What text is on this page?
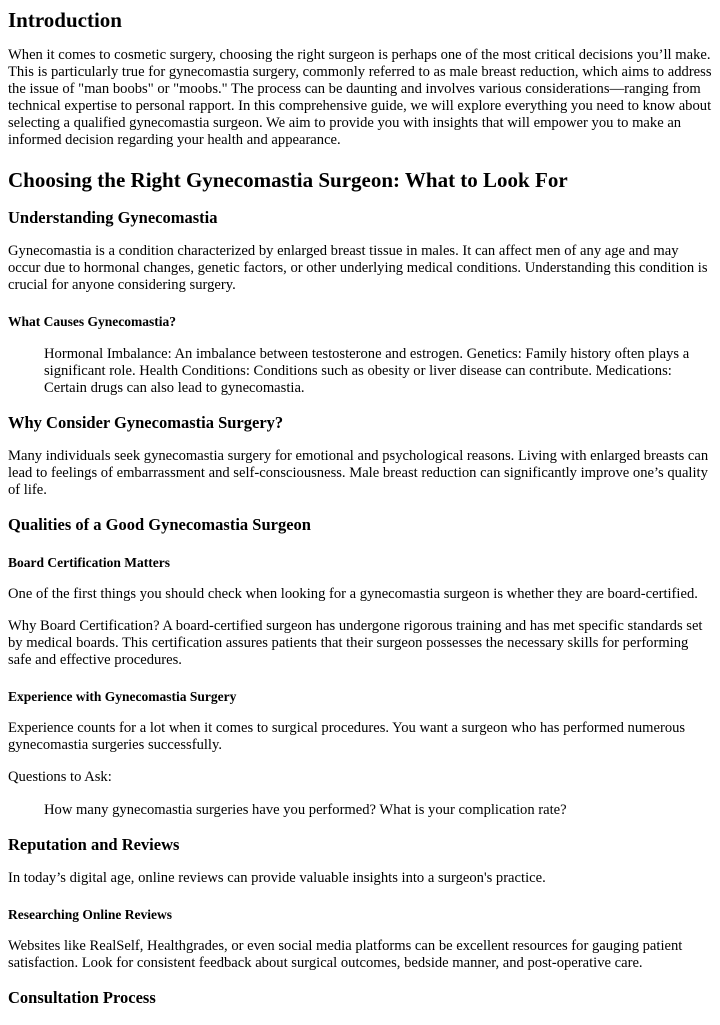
Introduction

When it comes to cosmetic surgery, choosing the right surgeon is perhaps one of the most critical decisions you’ll make. This is particularly true for gynecomastia surgery, commonly referred to as male breast reduction, which aims to address the issue of "man boobs" or "moobs." The process can be daunting and involves various considerations—ranging from technical expertise to personal rapport. In this comprehensive guide, we will explore everything you need to know about selecting a qualified gynecomastia surgeon. We aim to provide you with insights that will empower you to make an informed decision regarding your health and appearance.

Choosing the Right Gynecomastia Surgeon: What to Look For
Understanding Gynecomastia

Gynecomastia is a condition characterized by enlarged breast tissue in males. It can affect men of any age and may occur due to hormonal changes, genetic factors, or other underlying medical conditions. Understanding this condition is crucial for anyone considering surgery.

What Causes Gynecomastia?
Hormonal Imbalance: An imbalance between testosterone and estrogen. Genetics: Family history often plays a significant role. Health Conditions: Conditions such as obesity or liver disease can contribute. Medications: Certain drugs can also lead to gynecomastia.
Why Consider Gynecomastia Surgery?

Many individuals seek gynecomastia surgery for emotional and psychological reasons. Living with enlarged breasts can lead to feelings of embarrassment and self-consciousness. Male breast reduction can significantly improve one’s quality of life.

Qualities of a Good Gynecomastia Surgeon
Board Certification Matters

One of the first things you should check when looking for a gynecomastia surgeon is whether they are board-certified.

Why Board Certification? A board-certified surgeon has undergone rigorous training and has met specific standards set by medical boards. This certification assures patients that their surgeon possesses the necessary skills for performing safe and effective procedures.

Experience with Gynecomastia Surgery

Experience counts for a lot when it comes to surgical procedures. You want a surgeon who has performed numerous gynecomastia surgeries successfully.

Questions to Ask:

How many gynecomastia surgeries have you performed? What is your complication rate?
Reputation and Reviews

In today’s digital age, online reviews can provide valuable insights into a surgeon's practice.

Researching Online Reviews

Websites like RealSelf, Healthgrades, or even social media platforms can be excellent resources for gauging patient satisfaction. Look for consistent feedback about surgical outcomes, bedside manner, and post-operative care.

Consultation Process
